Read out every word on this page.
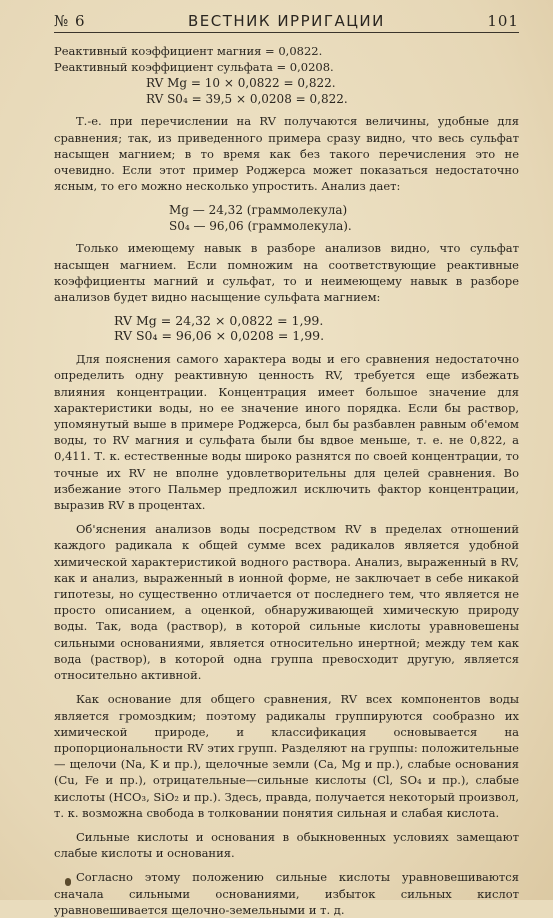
№ 6	ВЕСТНИК ИРРИГАЦИИ	101
Реактивный коэффициент магния = 0,0822.
Реактивный коэффициент сульфата = 0,0208.
RV Mg = 10 × 0,0822 = 0,822.
RV S0₄ = 39,5 × 0,0208 = 0,822.

Т.-е. при перечислении на RV получаются величины, удобные для сравнения; так, из приведенного примера сразу видно, что весь сульфат насыщен магнием; в то время как без такого перечисления это не очевидно. Если этот пример Роджерса может показаться недостаточно ясным, то его можно несколько упростить. Анализ дает:

Mg — 24,32 (граммолекула)
S0₄ — 96,06 (граммолекула).

Только имеющему навык в разборе анализов видно, что сульфат насыщен магнием. Если помножим на соответствующие реактивные коэффициенты магний и сульфат, то и неимеющему навык в разборе анализов будет видно насыщение сульфата магнием:

RV Mg = 24,32 × 0,0822 = 1,99.
RV S0₄ = 96,06 × 0,0208 = 1,99.

Для пояснения самого характера воды и его сравнения недостаточно определить одну реактивную ценность RV, требуется еще избежать влияния концентрации. Концентрация имеет большое значение для характеристики воды, но ее значение иного порядка. Если бы раствор, упомянутый выше в примере Роджерса, был бы разбавлен равным об'емом воды, то RV магния и сульфата были бы вдвое меньше, т. е. не 0,822, а 0,411. Т. к. естественные воды широко разнятся по своей концентрации, то точные их RV не вполне удовлетворительны для целей сравнения. Во избежание этого Пальмер предложил исключить фактор концентрации, выразив RV в процентах.

Об'яснения анализов воды посредством RV в пределах отношений каждого радикала к общей сумме всех радикалов является удобной химической характеристикой водного раствора. Анализ, выраженный в RV, как и анализ, выраженный в ионной форме, не заключает в себе никакой гипотезы, но существенно отличается от последнего тем, что является не просто описанием, а оценкой, обнаруживающей химическую природу воды. Так, вода (раствор), в которой сильные кислоты уравновешены сильными основаниями, является относительно инертной; между тем как вода (раствор), в которой одна группа превосходит другую, является относительно активной.

Как основание для общего сравнения, RV всех компонентов воды является громоздким; поэтому радикалы группируются сообразно их химической природе, и классификация основывается на пропорциональности RV этих групп. Разделяют на группы: положительные — щелочи (Na, K и пр.), щелочные земли (Ca, Mg и пр.), слабые основания (Cu, Fe и пр.), отрицательные—сильные кислоты (Cl, SO₄ и пр.), слабые кислоты (HCO₃, SiO₂ и пр.). Здесь, правда, получается некоторый произвол, т. к. возможна свобода в толковании понятия сильная и слабая кислота.

Сильные кислоты и основания в обыкновенных условиях замещают слабые кислоты и основания.

Согласно этому положению сильные кислоты уравновешиваются сначала сильными основаниями, избыток сильных кислот уравновешивается щелочно-земельными и т. д.
